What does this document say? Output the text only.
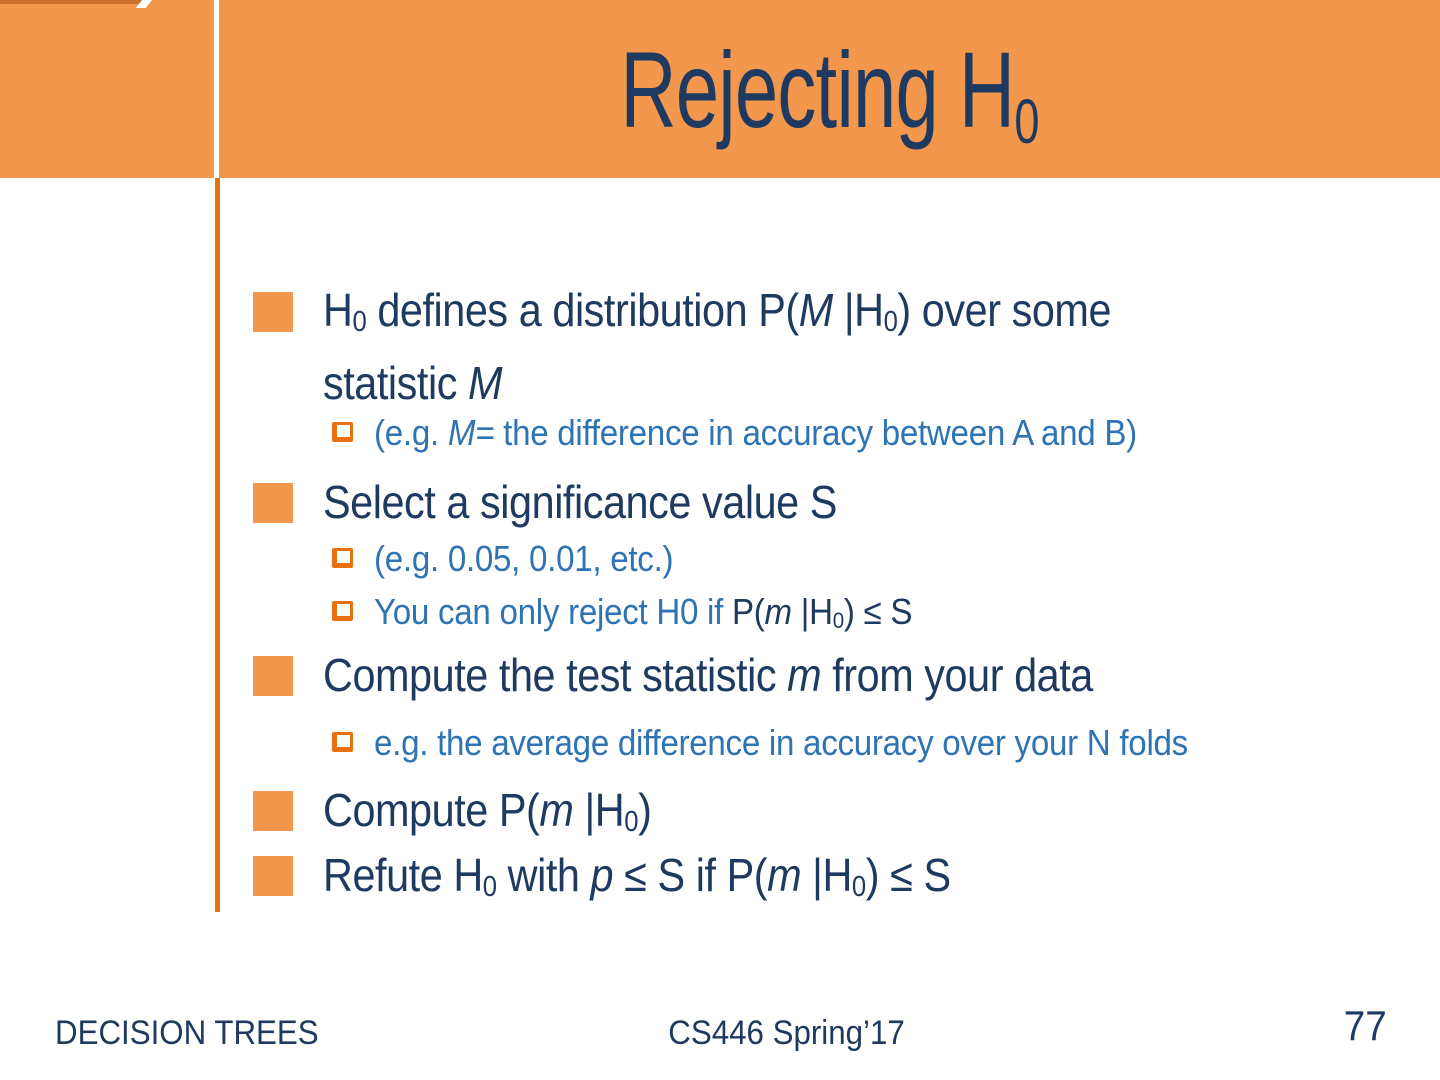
Rejecting H0
H0 defines a distribution P(M |H0) over some
statistic M
(e.g. M= the difference in accuracy between A and B)
Select a significance value S
(e.g. 0.05, 0.01, etc.)
You can only reject H0 if P(m |H0) ≤ S
Compute the test statistic m from your data
e.g. the average difference in accuracy over your N folds
Compute P(m |H0)
Refute H0 with p ≤ S if P(m |H0) ≤ S
DECISION TREES	CS446 Spring’17	77
